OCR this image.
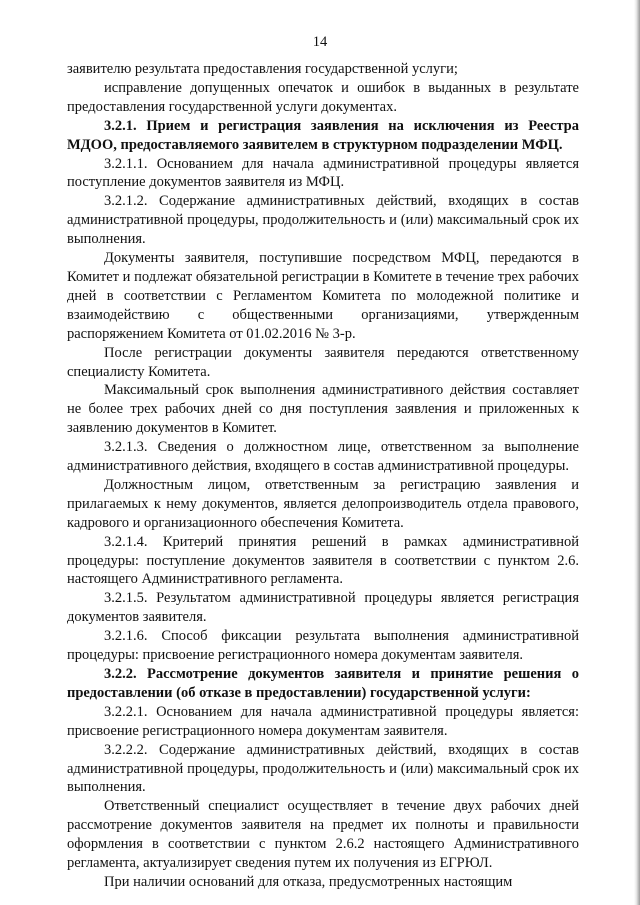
14

заявителю результата предоставления государственной услуги;

исправление допущенных опечаток и ошибок в выданных в результате предоставления государственной услуги документах.

3.2.1. Прием и регистрация заявления на исключения из Реестра МДОО, предоставляемого заявителем в структурном подразделении МФЦ.

3.2.1.1. Основанием для начала административной процедуры является поступление документов заявителя из МФЦ.

3.2.1.2. Содержание административных действий, входящих в состав административной процедуры, продолжительность и (или) максимальный срок их выполнения.

Документы заявителя, поступившие посредством МФЦ, передаются в Комитет и подлежат обязательной регистрации в Комитете в течение трех рабочих дней в соответствии с Регламентом Комитета по молодежной политике и взаимодействию с общественными организациями, утвержденным распоряжением Комитета от 01.02.2016 № 3-р.

После регистрации документы заявителя передаются ответственному специалисту Комитета.

Максимальный срок выполнения административного действия составляет не более трех рабочих дней со дня поступления заявления и приложенных к заявлению документов в Комитет.

3.2.1.3. Сведения о должностном лице, ответственном за выполнение административного действия, входящего в состав административной процедуры.

Должностным лицом, ответственным за регистрацию заявления и прилагаемых к нему документов, является делопроизводитель отдела правового, кадрового и организационного обеспечения Комитета.

3.2.1.4. Критерий принятия решений в рамках административной процедуры: поступление документов заявителя в соответствии с пунктом 2.6. настоящего Административного регламента.

3.2.1.5. Результатом административной процедуры является регистрация документов заявителя.

3.2.1.6. Способ фиксации результата выполнения административной процедуры: присвоение регистрационного номера документам заявителя.

3.2.2. Рассмотрение документов заявителя и принятие решения о предоставлении (об отказе в предоставлении) государственной услуги:

3.2.2.1. Основанием для начала административной процедуры является: присвоение регистрационного номера документам заявителя.

3.2.2.2. Содержание административных действий, входящих в состав административной процедуры, продолжительность и (или) максимальный срок их выполнения.

Ответственный специалист осуществляет в течение двух рабочих дней рассмотрение документов заявителя на предмет их полноты и правильности оформления в соответствии с пунктом 2.6.2 настоящего Административного регламента, актуализирует сведения путем их получения из ЕГРЮЛ.

При наличии оснований для отказа, предусмотренных настоящим
